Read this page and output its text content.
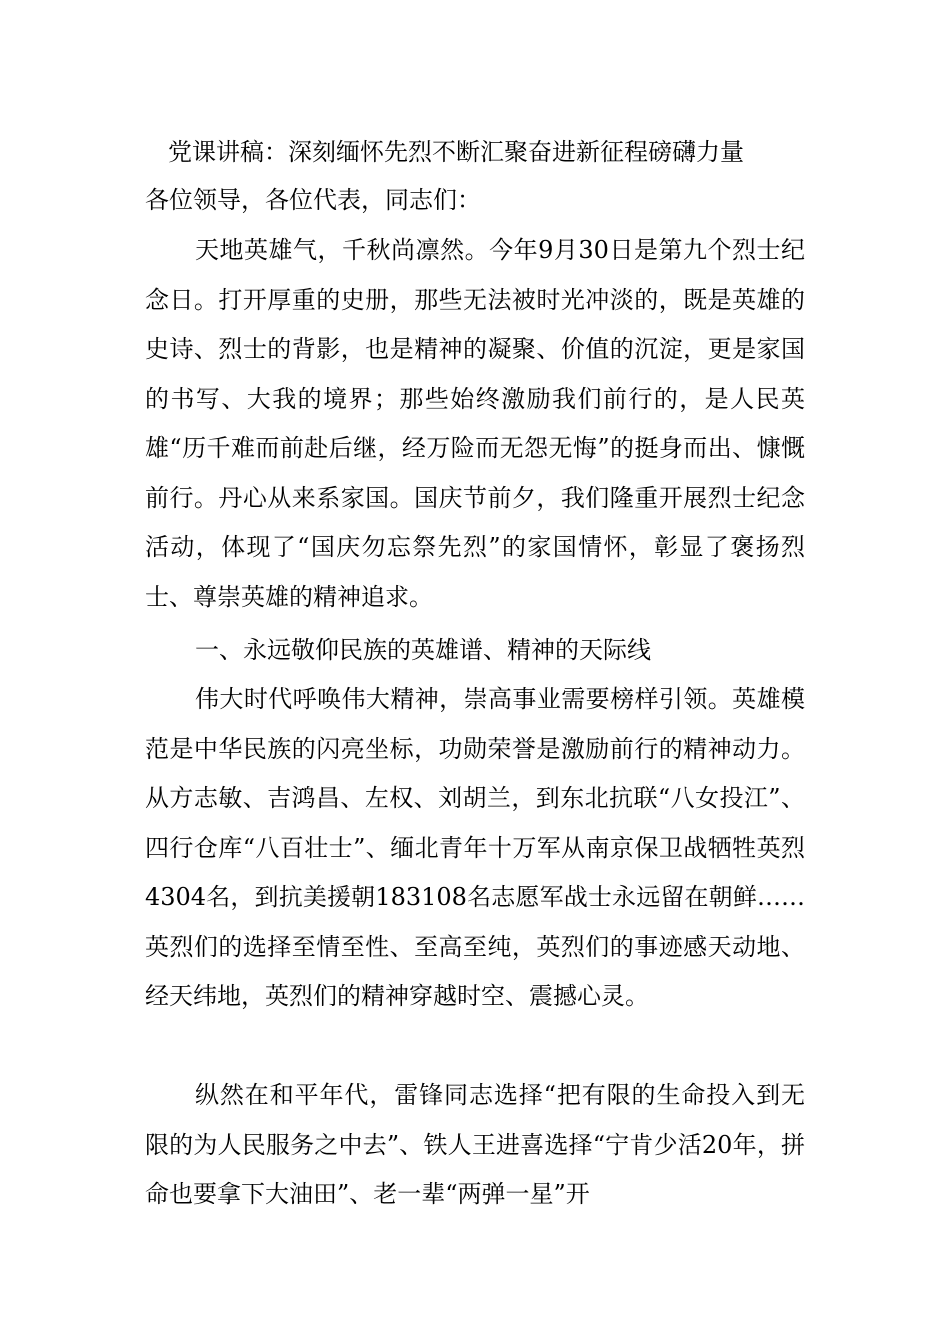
党课讲稿：深刻缅怀先烈不断汇聚奋进新征程磅礴力量

各位领导，各位代表，同志们：

天地英雄气，千秋尚凛然。今年9月30日是第九个烈士纪念日。打开厚重的史册，那些无法被时光冲淡的，既是英雄的史诗、烈士的背影，也是精神的凝聚、价值的沉淀，更是家国的书写、大我的境界；那些始终激励我们前行的，是人民英雄“历千难而前赴后继，经万险而无怨无悔”的挺身而出、慷慨前行。丹心从来系家国。国庆节前夕，我们隆重开展烈士纪念活动，体现了“国庆勿忘祭先烈”的家国情怀，彰显了褒扬烈士、尊崇英雄的精神追求。

一、永远敬仰民族的英雄谱、精神的天际线

伟大时代呼唤伟大精神，崇高事业需要榜样引领。英雄模范是中华民族的闪亮坐标，功勋荣誉是激励前行的精神动力。从方志敏、吉鸿昌、左权、刘胡兰，到东北抗联“八女投江”、四行仓库“八百壮士”、缅北青年十万军从南京保卫战牺牲英烈4304名，到抗美援朝183108名志愿军战士永远留在朝鲜……英烈们的选择至情至性、至高至纯，英烈们的事迹感天动地、经天纬地，英烈们的精神穿越时空、震撼心灵。

纵然在和平年代，雷锋同志选择“把有限的生命投入到无限的为人民服务之中去”、铁人王进喜选择“宁肯少活20年，拼命也要拿下大油田”、老一辈“两弹一星”开
